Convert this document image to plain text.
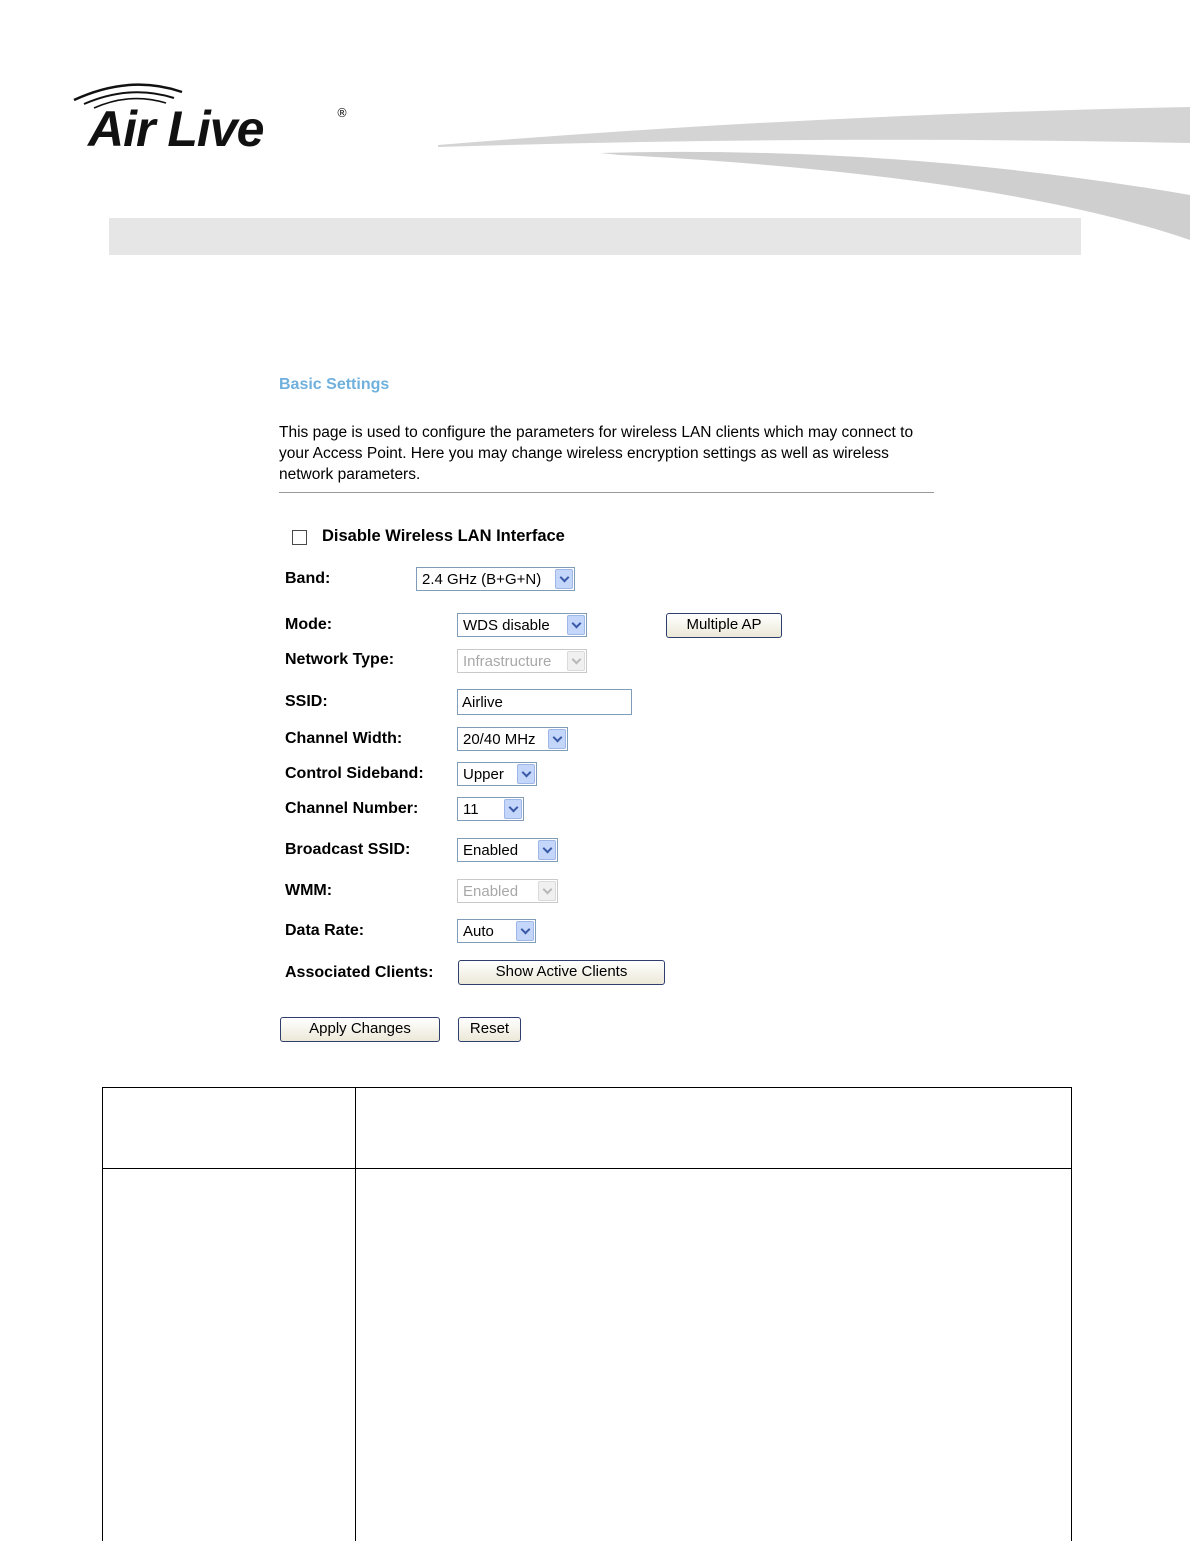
Air Live	®
Basic Settings
This page is used to configure the parameters for wireless LAN clients which may connect to your Access Point. Here you may change wireless encryption settings as well as wireless network parameters.
Disable Wireless LAN Interface
Band:	2.4 GHz (B+G+N)
Mode:	WDS disable	Multiple AP
Network Type:	Infrastructure
SSID:	Airlive
Channel Width:	20/40 MHz
Control Sideband:	Upper
Channel Number:	11
Broadcast SSID:	Enabled
WMM:	Enabled
Data Rate:	Auto
Associated Clients:	Show Active Clients
Apply Changes	Reset
